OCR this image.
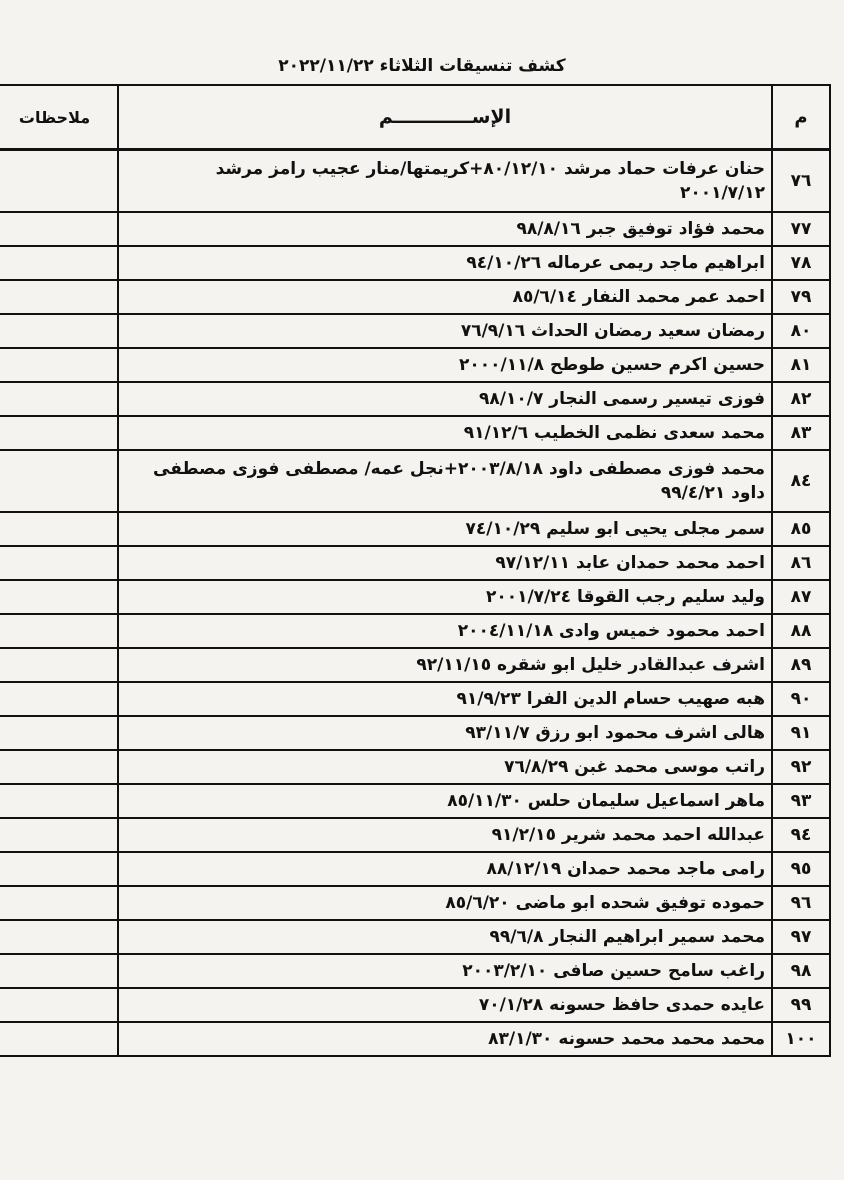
كشف تنسيقات الثلاثاء ٢٠٢٢/١١/٢٢
م	الإســــــــــــم	ملاحظات
٧٦	حنان عرفات حماد مرشد ٨٠/١٢/١٠+كريمتها/منار عجيب رامز مرشد ٢٠٠١/٧/١٢	
٧٧	محمد فؤاد توفيق جبر ٩٨/٨/١٦	
٧٨	ابراهيم ماجد ريمى عرماله ٩٤/١٠/٢٦	
٧٩	احمد عمر محمد النفار ٨٥/٦/١٤	
٨٠	رمضان سعيد رمضان الحداث ٧٦/٩/١٦	
٨١	حسين اكرم حسين طوطح ٢٠٠٠/١١/٨	
٨٢	فوزى تيسير رسمى النجار ٩٨/١٠/٧	
٨٣	محمد سعدى نظمى الخطيب ٩١/١٢/٦	
٨٤	محمد فوزى مصطفى داود ٢٠٠٣/٨/١٨+نجل عمه/ مصطفى فوزى مصطفى داود ٩٩/٤/٢١	
٨٥	سمر مجلى يحيى ابو سليم ٧٤/١٠/٢٩	
٨٦	احمد محمد حمدان عابد ٩٧/١٢/١١	
٨٧	وليد سليم رجب القوقا ٢٠٠١/٧/٢٤	
٨٨	احمد محمود خميس وادى ٢٠٠٤/١١/١٨	
٨٩	اشرف عبدالقادر خليل ابو شقره ٩٢/١١/١٥	
٩٠	هبه صهيب حسام الدين الفرا ٩١/٩/٢٣	
٩١	هالى اشرف محمود ابو رزق ٩٣/١١/٧	
٩٢	راتب موسى محمد غبن ٧٦/٨/٢٩	
٩٣	ماهر اسماعيل سليمان حلس ٨٥/١١/٣٠	
٩٤	عبدالله احمد محمد شرير ٩١/٢/١٥	
٩٥	رامى ماجد محمد حمدان ٨٨/١٢/١٩	
٩٦	حموده توفيق شحده ابو ماضى ٨٥/٦/٢٠	
٩٧	محمد سمير ابراهيم النجار ٩٩/٦/٨	
٩٨	راغب سامح حسين صافى ٢٠٠٣/٢/١٠	
٩٩	عايده حمدى حافظ حسونه ٧٠/١/٢٨	
١٠٠	محمد محمد محمد حسونه ٨٣/١/٣٠	
